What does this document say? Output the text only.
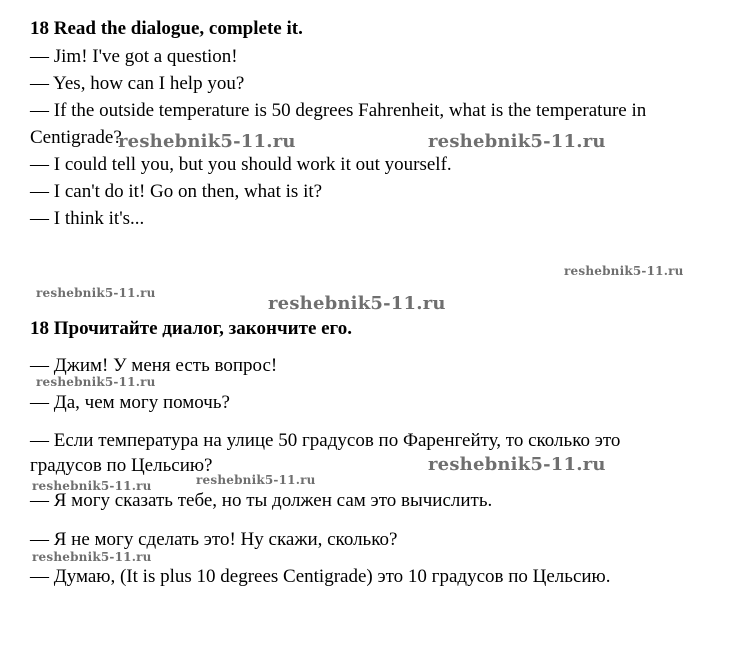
18 Read the dialogue, complete it.
— Jim! I've got a question!
— Yes, how can I help you?
— If the outside temperature is 50 degrees Fahrenheit, what is the temperature in
Centigrade?
— I could tell you, but you should work it out yourself.
— I can't do it! Go on then, what is it?
— I think it's...
18 Прочитайте диалог, закончите его.
— Джим! У меня есть вопрос!
— Да, чем могу помочь?
— Если температура на улице 50 градусов по Фаренгейту, то сколько это
градусов по Цельсию?
— Я могу сказать тебе, но ты должен сам это вычислить.
— Я не могу сделать это! Ну скажи, сколько?
— Думаю, (It is plus 10 degrees Centigrade) это 10 градусов по Цельсию.
reshebnik5-11.ru	reshebnik5-11.ru
reshebnik5-11.ru
reshebnik5-11.ru	reshebnik5-11.ru
reshebnik5-11.ru
reshebnik5-11.ru
reshebnik5-11.ru
reshebnik5-11.ru
reshebnik5-11.ru
